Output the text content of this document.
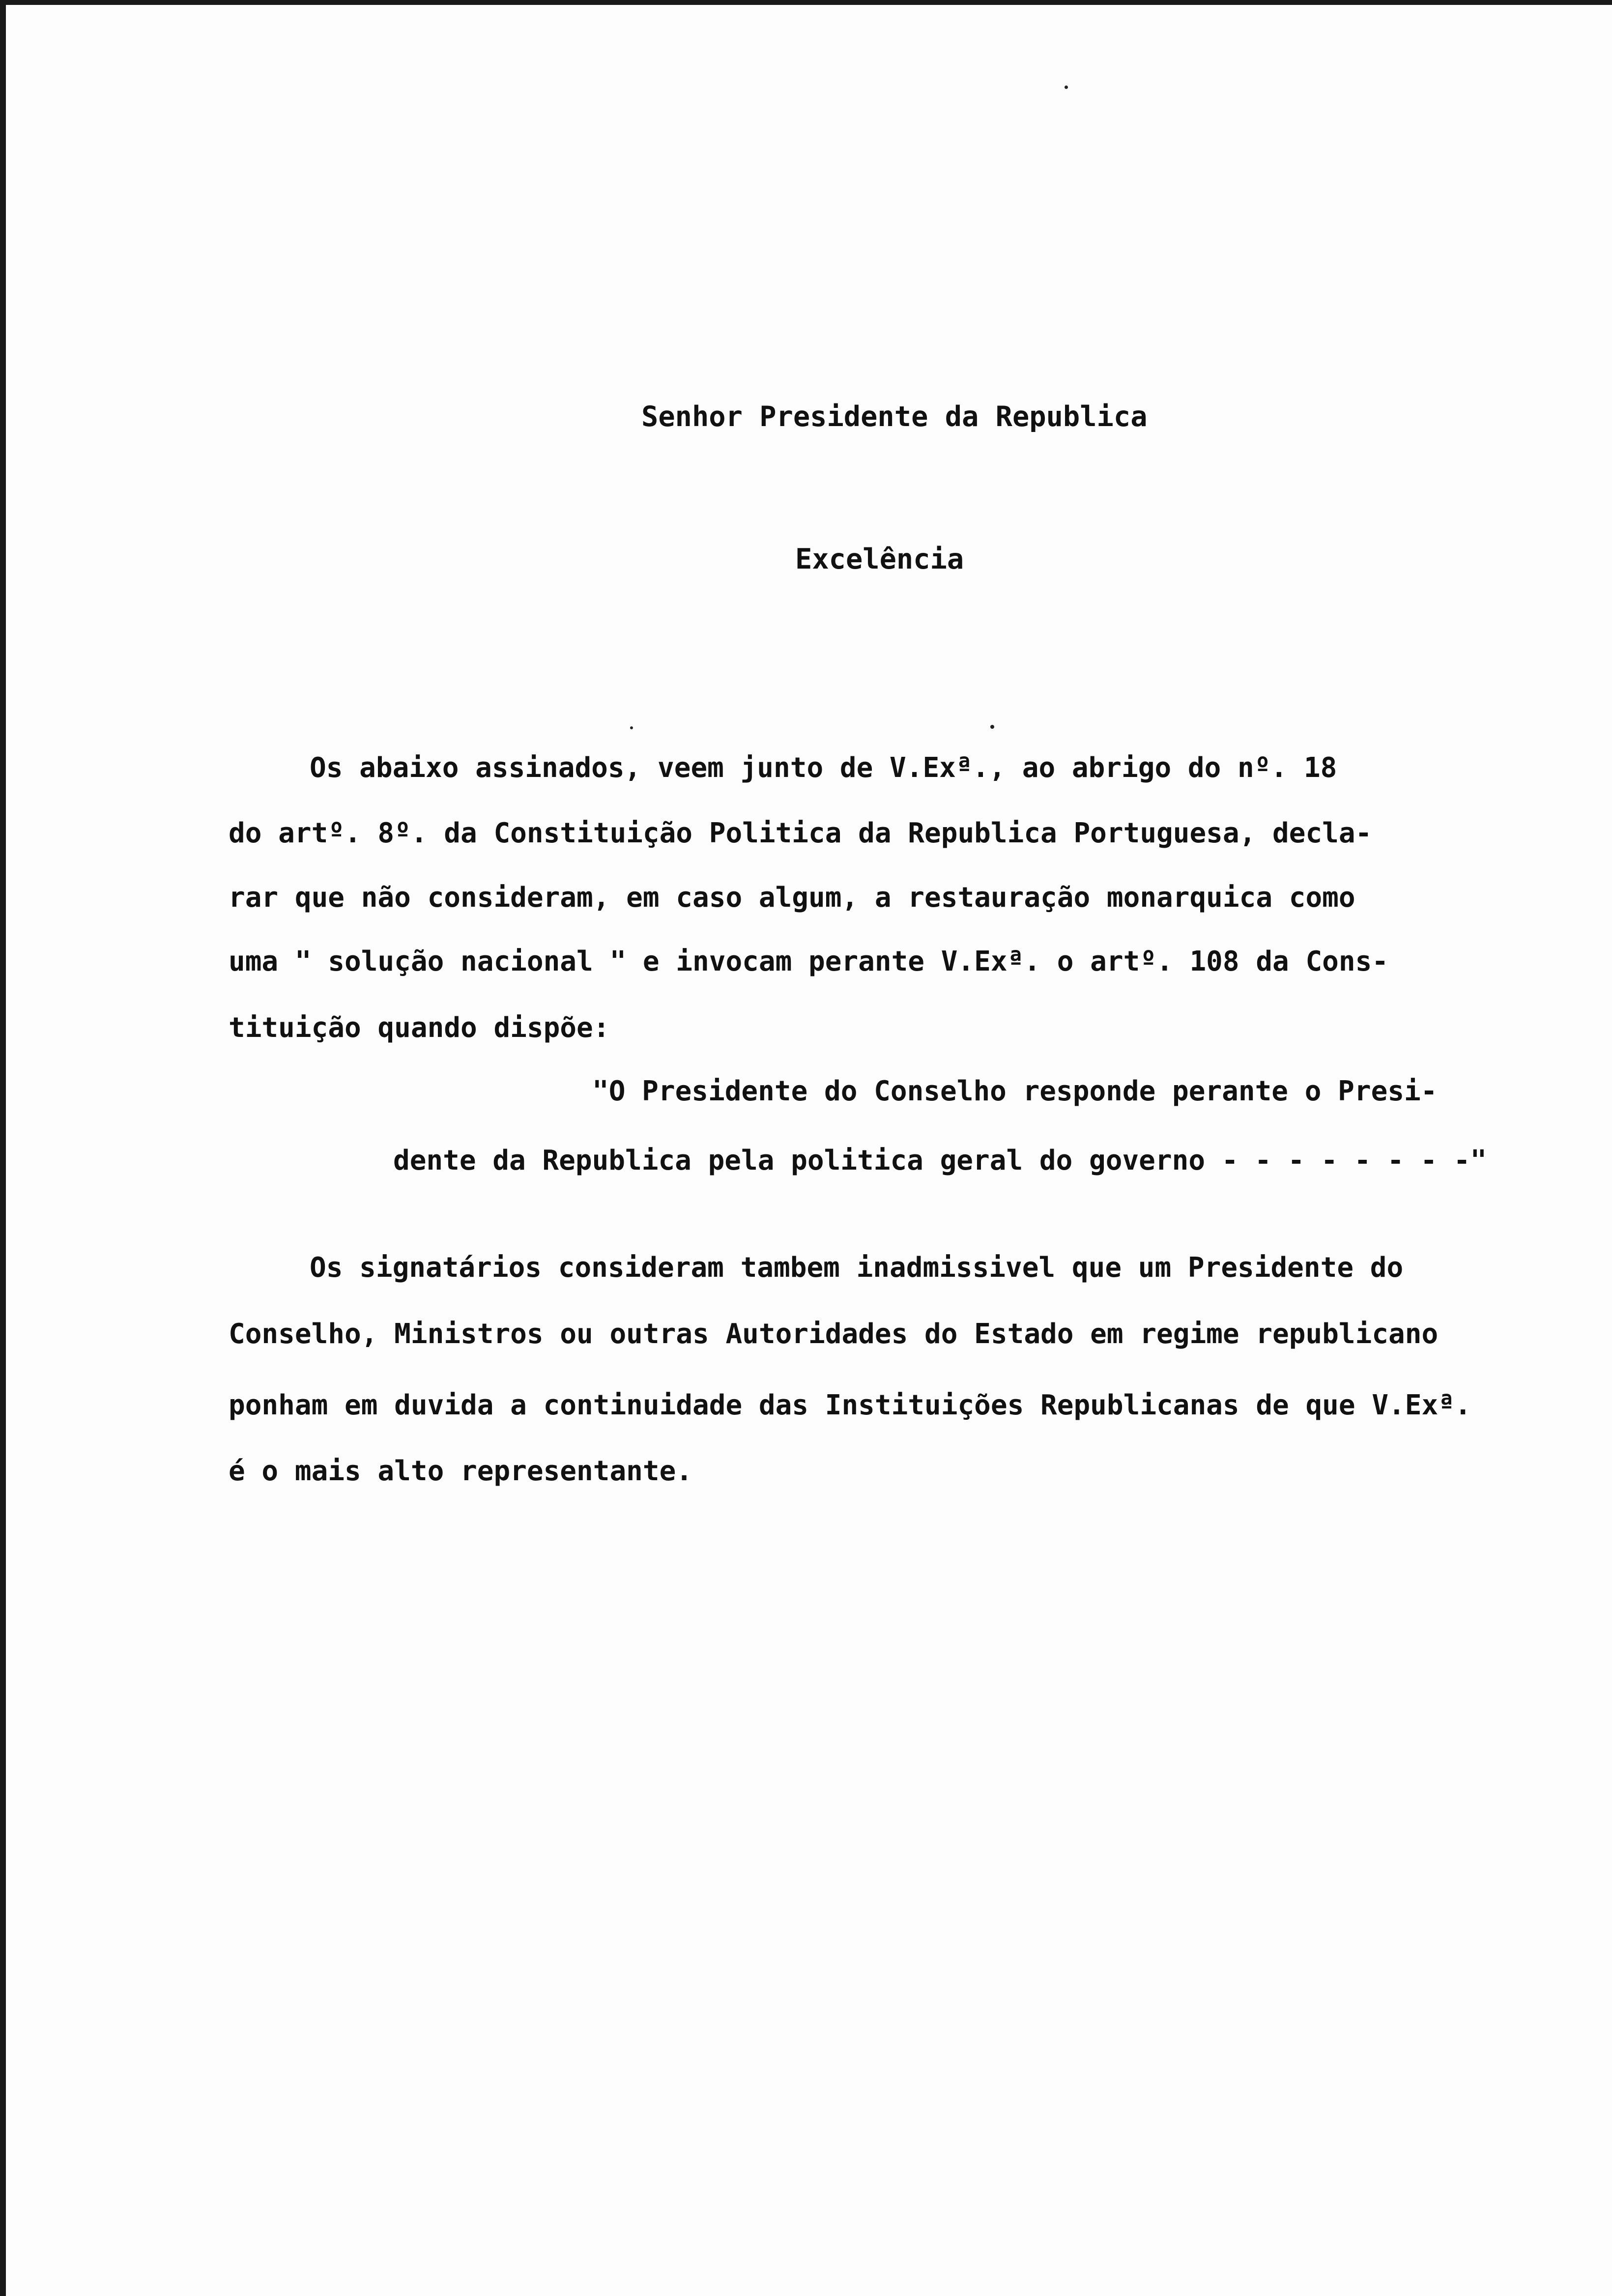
Senhor Presidente da Republica
Excelência
Os abaixo assinados, veem junto de V.Exª., ao abrigo do nº. 18
do artº. 8º. da Constituição Politica da Republica Portuguesa, decla-
rar que não consideram, em caso algum, a restauração monarquica como
uma " solução nacional " e invocam perante V.Exª. o artº. 108 da Cons-
tituição quando dispõe:
"O Presidente do Conselho responde perante o Presi-
dente da Republica pela politica geral do governo - - - - - - - -"
Os signatários consideram tambem inadmissivel que um Presidente do
Conselho, Ministros ou outras Autoridades do Estado em regime republicano
ponham em duvida a continuidade das Instituições Republicanas de que V.Exª.
é o mais alto representante.
